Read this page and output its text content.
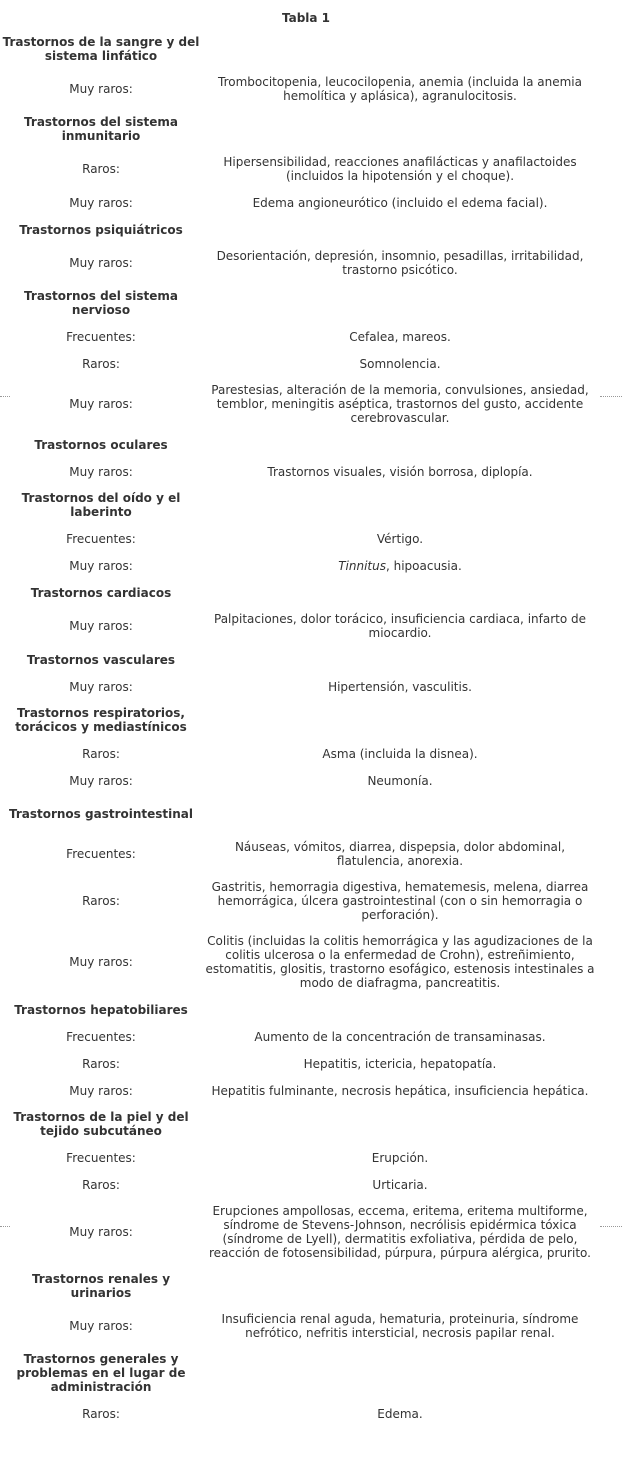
Tabla 1
Trastornos de la sangre y del sistema linfático	

Muy raros:	Trombocitopenia, leucocilopenia, anemia (incluida la anemia hemolítica y aplásica), agranulocitosis.

Trastornos del sistema inmunitario	

Raros:	Hipersensibilidad, reacciones anafilácticas y anafilactoides (incluidos la hipotensión y el choque).
Muy raros:	Edema angioneurótico (incluido el edema facial).

Trastornos psiquiátricos	

Muy raros:	Desorientación, depresión, insomnio, pesadillas, irritabilidad, trastorno psicótico.

Trastornos del sistema nervioso	

Frecuentes:	Cefalea, mareos.
Raros:	Somnolencia.
Muy raros:	Parestesias, alteración de la memoria, convulsiones, ansiedad, temblor, meningitis aséptica, trastornos del gusto, accidente cerebrovascular.

Trastornos oculares	

Muy raros:	Trastornos visuales, visión borrosa, diplopía.

Trastornos del oído y el laberinto	

Frecuentes:	Vértigo.
Muy raros:	Tinnitus, hipoacusia.

Trastornos cardiacos	

Muy raros:	Palpitaciones, dolor torácico, insuficiencia cardiaca, infarto de miocardio.

Trastornos vasculares	

Muy raros:	Hipertensión, vasculitis.

Trastornos respiratorios, torácicos y mediastínicos	

Raros:	Asma (incluida la disnea).
Muy raros:	Neumonía.

Trastornos gastrointestinal	

Frecuentes:	Náuseas, vómitos, diarrea, dispepsia, dolor abdominal, flatulencia, anorexia.
Raros:	Gastritis, hemorragia digestiva, hematemesis, melena, diarrea hemorrágica, úlcera gastrointestinal (con o sin hemorragia o perforación).
Muy raros:	Colitis (incluidas la colitis hemorrágica y las agudizaciones de la colitis ulcerosa o la enfermedad de Crohn), estreñimiento, estomatitis, glositis, trastorno esofágico, estenosis intestinales a modo de diafragma, pancreatitis.

Trastornos hepatobiliares	

Frecuentes:	Aumento de la concentración de transaminasas.
Raros:	Hepatitis, ictericia, hepatopatía.
Muy raros:	Hepatitis fulminante, necrosis hepática, insuficiencia hepática.

Trastornos de la piel y del tejido subcutáneo	

Frecuentes:	Erupción.
Raros:	Urticaria.
Muy raros:	Erupciones ampollosas, eccema, eritema, eritema multiforme, síndrome de Stevens-Johnson, necrólisis epidérmica tóxica (síndrome de Lyell), dermatitis exfoliativa, pérdida de pelo, reacción de fotosensibilidad, púrpura, púrpura alérgica, prurito.

Trastornos renales y urinarios	

Muy raros:	Insuficiencia renal aguda, hematuria, proteinuria, síndrome nefrótico, nefritis intersticial, necrosis papilar renal.

Trastornos generales y problemas en el lugar de administración	

Raros:	Edema.
